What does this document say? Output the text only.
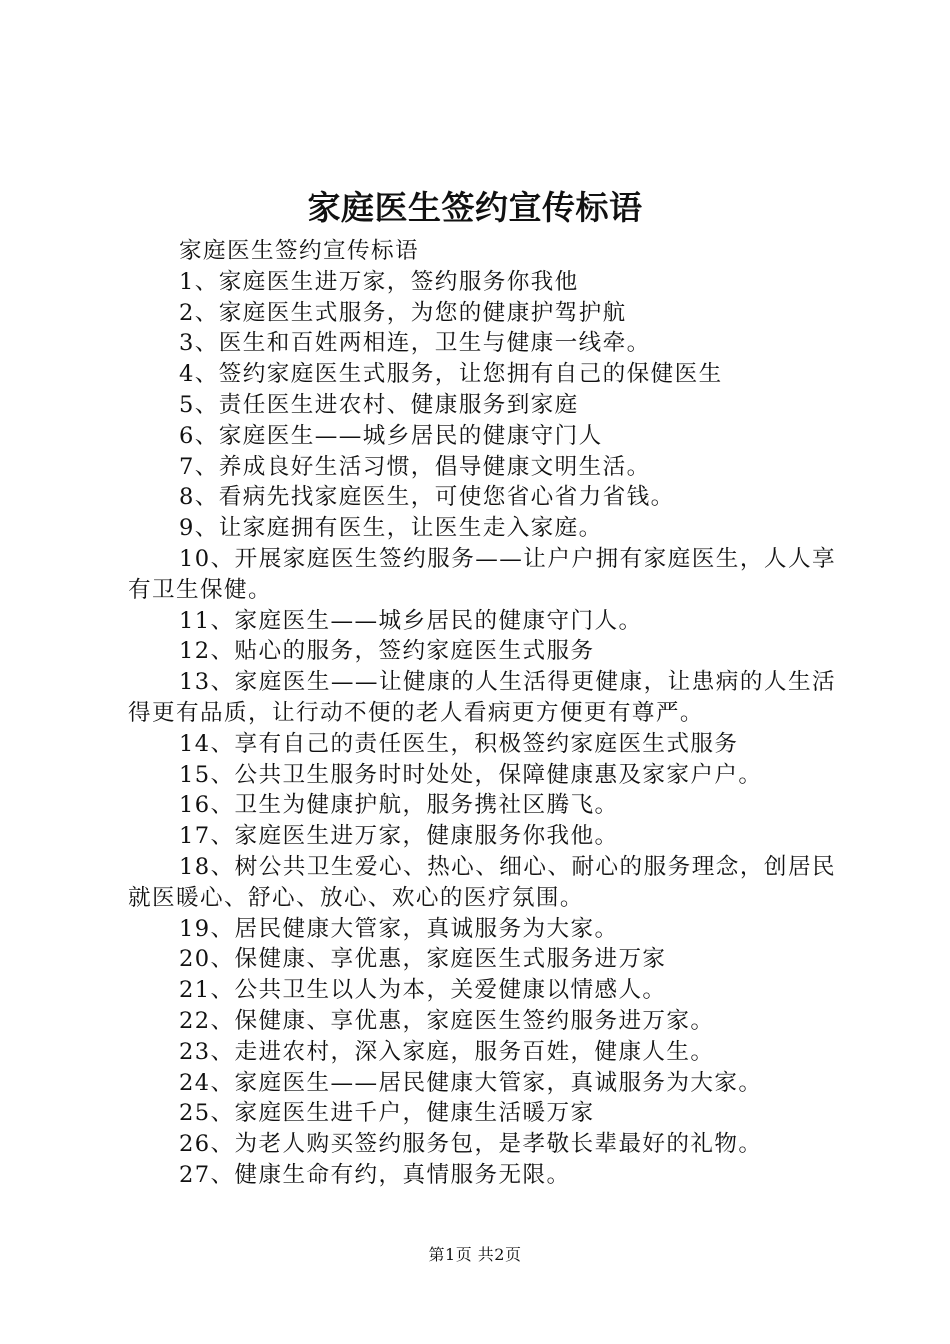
家庭医生签约宣传标语

家庭医生签约宣传标语

1、家庭医生进万家，签约服务你我他

2、家庭医生式服务，为您的健康护驾护航

3、医生和百姓两相连，卫生与健康一线牵。

4、签约家庭医生式服务，让您拥有自己的保健医生

5、责任医生进农村、健康服务到家庭

6、家庭医生——城乡居民的健康守门人

7、养成良好生活习惯，倡导健康文明生活。

8、看病先找家庭医生，可使您省心省力省钱。

9、让家庭拥有医生，让医生走入家庭。

10、开展家庭医生签约服务——让户户拥有家庭医生，人人享有卫生保健。

11、家庭医生——城乡居民的健康守门人。

12、贴心的服务，签约家庭医生式服务

13、家庭医生——让健康的人生活得更健康，让患病的人生活得更有品质，让行动不便的老人看病更方便更有尊严。

14、享有自己的责任医生，积极签约家庭医生式服务

15、公共卫生服务时时处处，保障健康惠及家家户户。

16、卫生为健康护航，服务携社区腾飞。

17、家庭医生进万家，健康服务你我他。

18、树公共卫生爱心、热心、细心、耐心的服务理念，创居民就医暖心、舒心、放心、欢心的医疗氛围。

19、居民健康大管家，真诚服务为大家。

20、保健康、享优惠，家庭医生式服务进万家

21、公共卫生以人为本，关爱健康以情感人。

22、保健康、享优惠，家庭医生签约服务进万家。

23、走进农村，深入家庭，服务百姓，健康人生。

24、家庭医生——居民健康大管家，真诚服务为大家。

25、家庭医生进千户，健康生活暖万家

26、为老人购买签约服务包，是孝敬长辈最好的礼物。

27、健康生命有约，真情服务无限。

第1页 共2页
